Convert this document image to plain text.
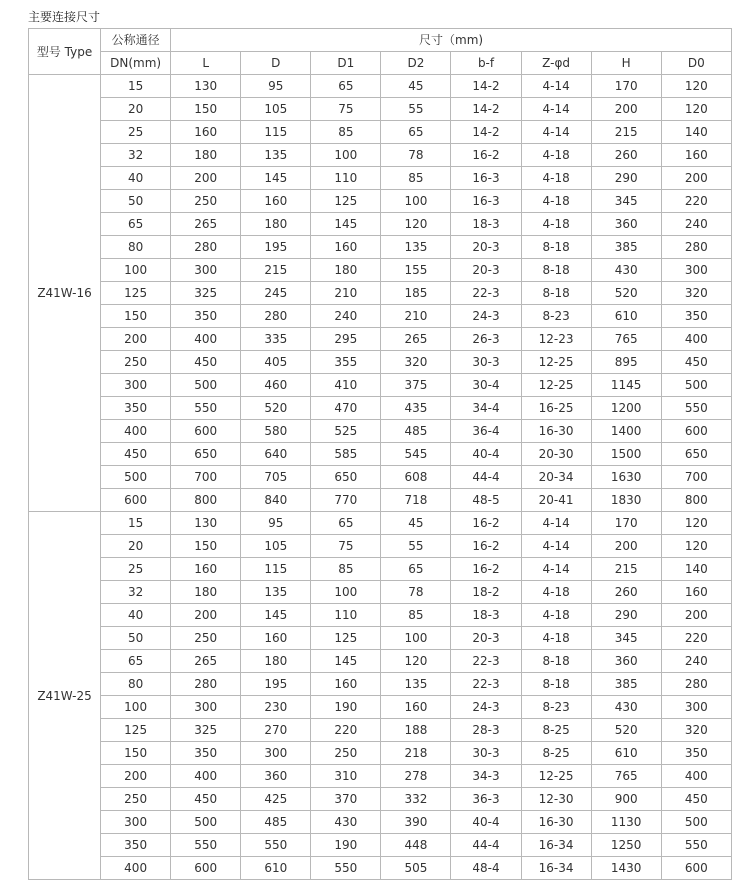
主要连接尺寸
型号 Type	公称通径	尺寸（mm)							
	DN(mm)	L	D	D1	D2	b-f	Z-φd	H	D0
Z41W-16	15	130	95	65	45	14-2	4-14	170	120
	20	150	105	75	55	14-2	4-14	200	120
	25	160	115	85	65	14-2	4-14	215	140
	32	180	135	100	78	16-2	4-18	260	160
	40	200	145	110	85	16-3	4-18	290	200
	50	250	160	125	100	16-3	4-18	345	220
	65	265	180	145	120	18-3	4-18	360	240
	80	280	195	160	135	20-3	8-18	385	280
	100	300	215	180	155	20-3	8-18	430	300
	125	325	245	210	185	22-3	8-18	520	320
	150	350	280	240	210	24-3	8-23	610	350
	200	400	335	295	265	26-3	12-23	765	400
	250	450	405	355	320	30-3	12-25	895	450
	300	500	460	410	375	30-4	12-25	1145	500
	350	550	520	470	435	34-4	16-25	1200	550
	400	600	580	525	485	36-4	16-30	1400	600
	450	650	640	585	545	40-4	20-30	1500	650
	500	700	705	650	608	44-4	20-34	1630	700
	600	800	840	770	718	48-5	20-41	1830	800
Z41W-25	15	130	95	65	45	16-2	4-14	170	120
	20	150	105	75	55	16-2	4-14	200	120
	25	160	115	85	65	16-2	4-14	215	140
	32	180	135	100	78	18-2	4-18	260	160
	40	200	145	110	85	18-3	4-18	290	200
	50	250	160	125	100	20-3	4-18	345	220
	65	265	180	145	120	22-3	8-18	360	240
	80	280	195	160	135	22-3	8-18	385	280
	100	300	230	190	160	24-3	8-23	430	300
	125	325	270	220	188	28-3	8-25	520	320
	150	350	300	250	218	30-3	8-25	610	350
	200	400	360	310	278	34-3	12-25	765	400
	250	450	425	370	332	36-3	12-30	900	450
	300	500	485	430	390	40-4	16-30	1130	500
	350	550	550	190	448	44-4	16-34	1250	550
	400	600	610	550	505	48-4	16-34	1430	600
